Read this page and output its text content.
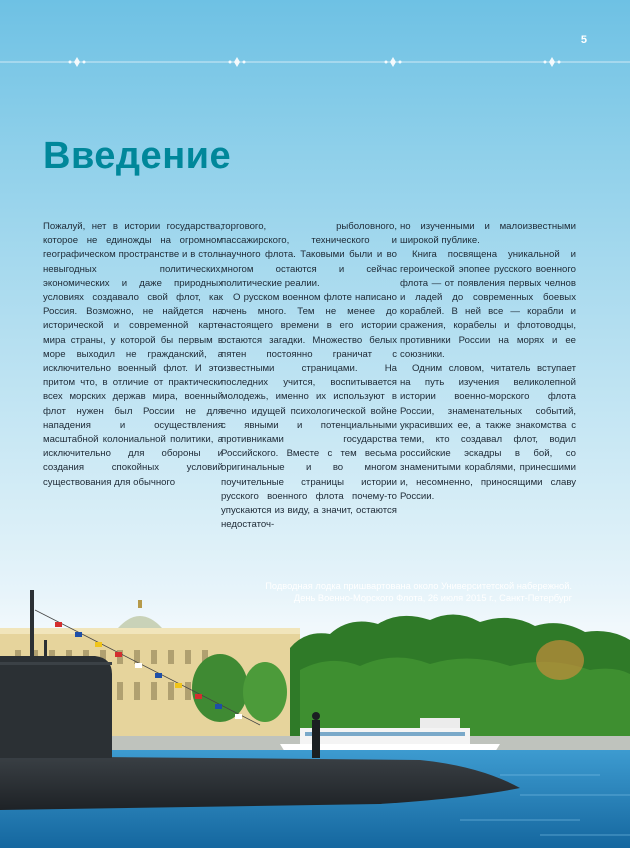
5
Введение

Пожалуй, нет в истории государства, которое не единожды на огромном географическом пространстве и в столь невыгодных политических, экономических и даже природных условиях создавало свой флот, как Россия. Возможно, не найдется на исторической и современной карте мира страны, у которой бы первым в море выходил не гражданский, а исключительно военный флот. И это притом что, в отличие от практически всех морских держав мира, военный флот нужен был России не для нападения и осуществления масштабной колониальной политики, а исключительно для обороны и создания спокойных условий существования для обычного

торгового, рыболовного, пассажирского, технического и научного флота. Таковыми были и во многом остаются и сейчас политические реалии.

О русском военном флоте написано очень много. Тем не менее до настоящего времени в его истории остаются загадки. Множество белых пятен постоянно граничат с известными страницами. На последних учится, воспитывается молодежь, именно их используют в вечно идущей психологической войне с явными и потенциальными противниками государства Российского. Вместе с тем весьма оригинальные и во многом поучительные страницы истории русского военного флота почему-то упускаются из виду, а значит, остаются недостаточ-

но изученными и малоизвестными широкой публике.

Книга посвящена уникальной и героической эпопее русского военного флота — от появления первых челнов и ладей до современных боевых кораблей. В ней все — корабли и сражения, корабелы и флотоводцы, противники России на морях и ее союзники.

Одним словом, читатель вступает на путь изучения великолепной истории военно-морского флота России, знаменательных событий, украсивших ее, а также знакомства с теми, кто создавал флот, водил российские эскадры в бой, со знаменитыми кораблями, принесшими и, несомненно, приносящими славу России.

Подводная лодка пришвартована около Университетской набережной.
День Военно-Морского Флота, 26 июля 2015 г., Санкт-Петербург
